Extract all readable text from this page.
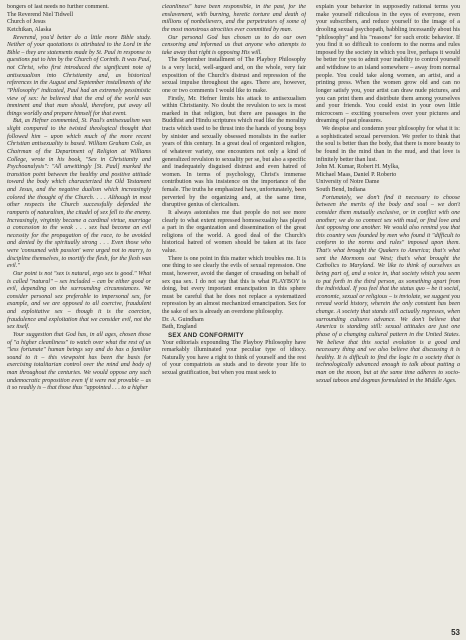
bongers of last needs no further comment.

The Reverend Niel Tidwell
Church of Jesus
Ketchikan, Alaska

Reverend, you'd better do a little more Bible study. Neither of your quotations is attributed to the Lord in the Bible – they are statements made by St. Paul in response to questions put to him by the Church of Corinth. It was Paul, not Christ, who first introduced the significant note of antisexualism into Christianity and, as historical references in the August and September installments of the "Philosophy" indicated, Paul had an extremely pessimistic view of sex: he believed that the end of the world was imminent and that man should, therefore, put away all things worldly and prepare himself for that event.

But, as Hefner commented, St. Paul's antisexualism was slight compared to the twisted theological thought that followed him – upon which much of the more recent Christian antisexuality is based. William Graham Cole, as Chairman of the Department of Religion at Williams College, wrote in his book, "Sex in Christianity and Psychoanalysis": "All unwittingly [St. Paul] marked the transition point between the healthy and positive attitude toward the body which characterized the Old Testament and Jesus, and the negative dualism which increasingly colored the thought of the Church. . . . Although in most other respects the Church successfully defended the ramparts of naturalism, the citadel of sex fell to the enemy. Increasingly, virginity became a cardinal virtue, marriage a concession to the weak . . . sex had become an evil necessity for the propagation of the race, to be avoided and denied by the spiritually strong . . . Even those who were 'consumed with passion' were urged not to marry, to discipline themselves, to mortify the flesh, for the flesh was evil."

Our point is not "sex is natural, ergo sex is good." What is called "natural" – sex included – can be either good or evil, depending on the surrounding circumstances. We consider personal sex preferable to impersonal sex, for example, and we are opposed to all coercive, fraudulent and exploitative sex – though it is the coercion, fraudulence and exploitation that we consider evil, not the sex itself.

Your suggestion that God has, in all ages, chosen those of "a higher cleanliness" to watch over what the rest of us "less fortunate" human beings say and do has a familiar sound to it – this viewpoint has been the basis for exercising totalitarian control over the mind and body of man throughout the centuries. We would oppose any such undemocratic proposition even if it were not provable – as it so readily is – that those thus "appointed . . . to a higher

cleanliness" have been responsible, in the past, for the enslavement, with burning, heretic torture and death of millions of nonbelievers, and the perpetrators of some of the most monstrous atrocities ever committed by man.

Our personal God has chosen us to do our own censoring and informed us that anyone who attempts to take away that right is opposing His will.

The September installment of The Playboy Philosophy is a very lucid, well-argued and, on the whole, very fair exposition of the Church's distrust and repression of the sexual impulse throughout the ages. There are, however, one or two comments I would like to make.

Firstly, Mr. Hefner limits his attack to antisexualism within Christianity. No doubt the revulsion to sex is most marked in that religion, but there are passages in the Buddhist and Hindu scriptures which read like the morality tracts which used to be thrust into the hands of young boys by sinister and sexually obsessed moralists in the earlier years of this century. In a great deal of organized religion, of whatever variety, one encounters not only a kind of generalized revulsion to sexuality per se, but also a specific and inadequately disguised distrust and even hatred of women. In terms of psychology, Christ's immense contribution was his insistence on the importance of the female. The truths he emphasized have, unfortunately, been perverted by the organizing and, at the same time, disruptive genius of clericalism.

It always astonishes me that people do not see more clearly to what extent repressed homosexuality has played a part in the organization and dissemination of the great religions of the world. A good deal of the Church's historical hatred of women should be taken at its face value.

There is one point in this matter which troubles me. It is one thing to see clearly the evils of sexual repression. One must, however, avoid the danger of crusading on behalf of sex qua sex. I do not say that this is what PLAYBOY is doing, but every important emancipation in this sphere must be careful that he does not replace a systematized repression by an almost mechanized emancipation. Sex for the sake of sex is already an overdone philosophy.

Dr. A. Guindham
Bath, England

SEX AND CONFORMITY

Your editorials expounding The Playboy Philosophy have remarkably illuminated your peculiar type of idiocy. Naturally you have a right to think of yourself and the rest of your compatriots as studs and to devote your life to sexual gratification, but when you must seek to

explain your behavior in supposedly rational terms you make yourself ridiculous in the eyes of everyone, even your subscribers, and reduce yourself to the image of a drooling sexual psychopath, babbling incessantly about his "philosophy" and his "reasons" for such erotic behavior. If you find it so difficult to conform to the norms and rules imposed by the society in which you live, perhaps it would be better for you to admit your inability to control yourself and withdraw to an island somewhere – away from normal people. You could take along women, an artist, and a printing press. When the women grow old and can no longer satisfy you, your artist can draw nude pictures, and you can print them and distribute them among yourselves and your friends. You could exist in your own little microcosm – exciting yourselves over your pictures and dreaming of past pleasures.

We despise and condemn your philosophy for what it is: a sophisticated sexual perversion. We prefer to think that the soul is better than the body, that there is more beauty to be found in the mind than in the mud, and that love is infinitely better than lust.

John M. Kumar, Robert H. Mylka,
Michael Maas, Daniel P. Roberto
University of Notre Dame
South Bend, Indiana

Fortunately, we don't find it necessary to choose between the merits of the body and soul – we don't consider them mutually exclusive, or in conflict with one another; we do so connect sex with mud, or find love and lust opposing one another. We would also remind you that this country was founded by men who found it "difficult to conform to the norms and rules" imposed upon them. That's what brought the Quakers to America; that's what sent the Mormons out West; that's what brought the Catholics to Maryland. We like to think of ourselves as being part of, and a voice in, that society which you seem to put forth in the third person, as something apart from the individual. If you feel that the status quo – be it social, economic, sexual or religious – is inviolate, we suggest you reread world history, wherein the only constant has been change. A society that stands still actually regresses, when surrounding cultures advance. We don't believe that America is standing still: sexual attitudes are just one phase of a changing cultural pattern in the United States. We believe that this social evolution is a good and necessary thing and we also believe that discussing it is healthy. It is difficult to find the logic in a society that is technologically advanced enough to talk about putting a man on the moon, but at the same time adheres to socio-sexual taboos and dogmas formulated in the Middle Ages.

53
